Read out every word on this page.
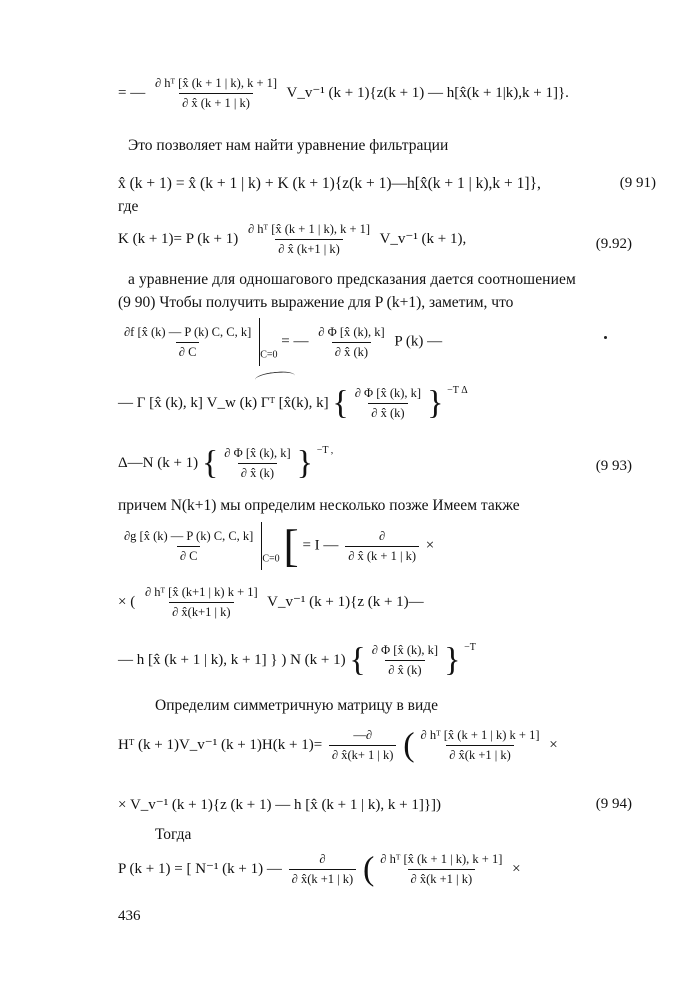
= — $\frac{\text{∂ hᵀ [x̂ (k + 1 | k), k + 1]}}{\partial x̂ (k + 1 | k)}$ V_v⁻¹ (k + 1){z(k + 1) — h[x̂(k + 1|k),k + 1]}.
Это позволяет нам найти уравнение фильтрации
x̂ (k + 1) = x̂ (k + 1 | k) + K (k + 1){z(k + 1)—h[x̂(k + 1 | k),k + 1]},	(9 91)
где
K (k + 1)= P $(k + 1) \frac{\text{∂ hᵀ [x̂ (k + 1 | k), k + 1]}}{\partial x̂ (k+1 | k)}$ V_v⁻¹ (k + 1),	(9.92)
а уравнение для одношагового предсказания дается соотношением
(9 90) Чтобы получить выражение для P (k+1), заметим, что
$\frac{\partial f [x̂ (k) — P (k) C, C, k]}{\partial C} _{C=0}$ = — $\frac{\partial \Phi [x̂ (k), k]}{\partial x̂ (k)}$ P (k) —
— Γ [x̂ (k), k] V_w (k) Γᵀ [x̂(k), k] { $\frac{\partial \Phi [x̂ (k), k]}{\partial x̂ (k)}$ } $^{-T \Delta}$
Δ—N (k + 1) { $\frac{\partial \Phi [x̂ (k), k]}{\partial x̂ (k)}$ } $^{-T ,}$
(9 93)
причем N(k+1) мы определим несколько позже Имеем также
$\frac{\partial g [x̂ (k) — P (k) C, C, k]}{\partial C} _{C=0}$ [ = I — $\frac{\partial}{\partial x̂ (k + 1 | k)}$ ×
× ( $\frac{\text{∂ hᵀ [x̂ (k+1 | k) k + 1]}}{\partial x̂(k+1 | k)}$ V_v⁻¹ (k + 1){z (k + 1)—
— h [x̂ (k + 1 | k), k + 1] } ) N (k + 1) { $\frac{\partial \Phi [x̂ (k), k]}{\partial x̂ (k)}$ } $^{-T}$
Определим симметричную матрицу в виде
Hᵀ (k + 1)V_v⁻¹ $(k + 1)H(k + 1)= \frac{—\partial}{\partial x̂(k+ 1 | k)}$ ( $\frac{\text{∂ hᵀ [x̂ (k + 1 | k) k + 1]}}{\partial x̂(k +1 | k)}$ ×
× V_v⁻¹ (k + 1){z (k + 1) — h [x̂ (k + 1 | k), k + 1]}])	(9 94)
Тогда
P (k + 1) = [ N⁻¹ (k + 1) — $\frac{\partial}{\partial x̂(k +1 | k)}$ ( $\frac{\text{∂ hᵀ [x̂ (k + 1 | k), k + 1]}}{\partial x̂(k +1 | k)}$ ×
436
